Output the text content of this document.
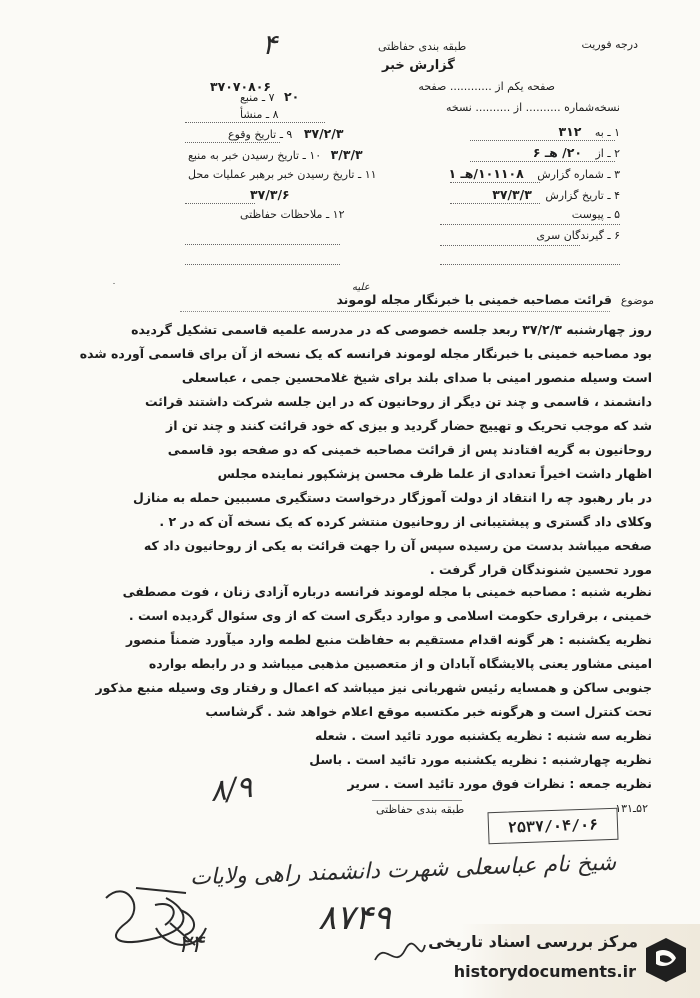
درجه فوریت
طبقه بندی حفاظتی
گزارش خبر
۴
صفحه یکم از ............ صفحه
نسخه‌شماره .......... از .......... نسخه
۳۷۰۷۰۸۰۶
۱ ـ به ۳۱۲
۲ ـ از ۲۰/ هـ ۶
۳ ـ شماره گزارش ۱۰۱۱۰۸/هـ ۱
۴ ـ تاریخ گزارش ۳۷/۳/۳
۵ ـ پیوست
۶ ـ گیرندگان سری
۲۰ ۷ ـ منبع
۸ ـ منشأ
۳۷/۲/۳ ۹ ـ تاریخ وقوع
۳/۳/۳ ۱۰ ـ تاریخ رسیدن خبر به منبع
۱۱ ـ تاریخ رسیدن خبر برهبر عملیات محل
۳۷/۳/۶
۱۲ ـ ملاحظات حفاظتی
علیه
موضوع
قرائت مصاحبه خمینی با خبرنگار مجله لوموند
روز چهارشنبه ۳۷/۲/۳ ربعد جلسه خصوصی که در مدرسه علمیه قاسمی تشکیل گردیده
بود مصاحبه خمینی با خبرنگار مجله لوموند فرانسه که یک نسخه از آن برای قاسمی آورده شده
است وسیله منصور امینی با صدای بلند برای شیخ غلامحسین جمی ، عباسعلی
دانشمند ، قاسمی و چند تن دیگر از روحانیون که در این جلسه شرکت داشتند قرائت
شد که موجب تحریک و تهییج حضار گردید و بیزی که خود قرائت کنند و چند تن از
روحانیون به گریه افتادند پس از قرائت مصاحبه خمینی که دو صفحه بود قاسمی
اظهار داشت اخیراً تعدادی از علما ظرف محسن پزشکپور نماینده مجلس
در بار رهبود چه را انتقاد از دولت آموزگار درخواست دستگیری مسببین حمله به منازل
وکلای داد گستری و پیشتیبانی از روحانیون منتشر کرده که یک نسخه آن که در ۲ .
صفحه میباشد بدست من رسیده سپس آن را جهت قرائت به یکی از روحانیون داد که
مورد تحسین شنوندگان قرار گرفت .
نظریه شنبه : مصاحبه خمینی با مجله لوموند فرانسه درباره آزادی زنان ، فوت مصطفی
خمینی ، برقراری حکومت اسلامی و موارد دیگری است که از وی سئوال گردیده است .
نظریه یکشنبه : هر گونه اقدام مستقیم به حفاظت منبع لطمه وارد میآورد ضمناً منصور
امینی مشاور یعنی پالایشگاه آبادان و از متعصبین مذهبی میباشد و در رابطه بوارده
جنوبی ساکن و همسایه رئیس شهربانی نیز میباشد که اعمال و رفتار وی وسیله منبع مذکور
تحت کنترل است و هرگونه خبر مکتسبه موقع اعلام خواهد شد . گرشاسب
نظریه سه شنبه : نظریه یکشنبه مورد تائید است . شعله
نظریه چهارشنبه : نظریه یکشنبه مورد تائید است . باسل
نظریه جمعه : نظرات فوق مورد تائید است . سریر
۸/۹
طبقه بندی حفاظتی	۵۲ـ۱۳۱
۲۵۳۷/۰۴/۰۶
شیخ نام عباسعلی شهرت دانشمند راهی ولایات
۸۷۴۹
۲۴	مرکز بررسی اسناد تاریخی
historydocuments.ir
